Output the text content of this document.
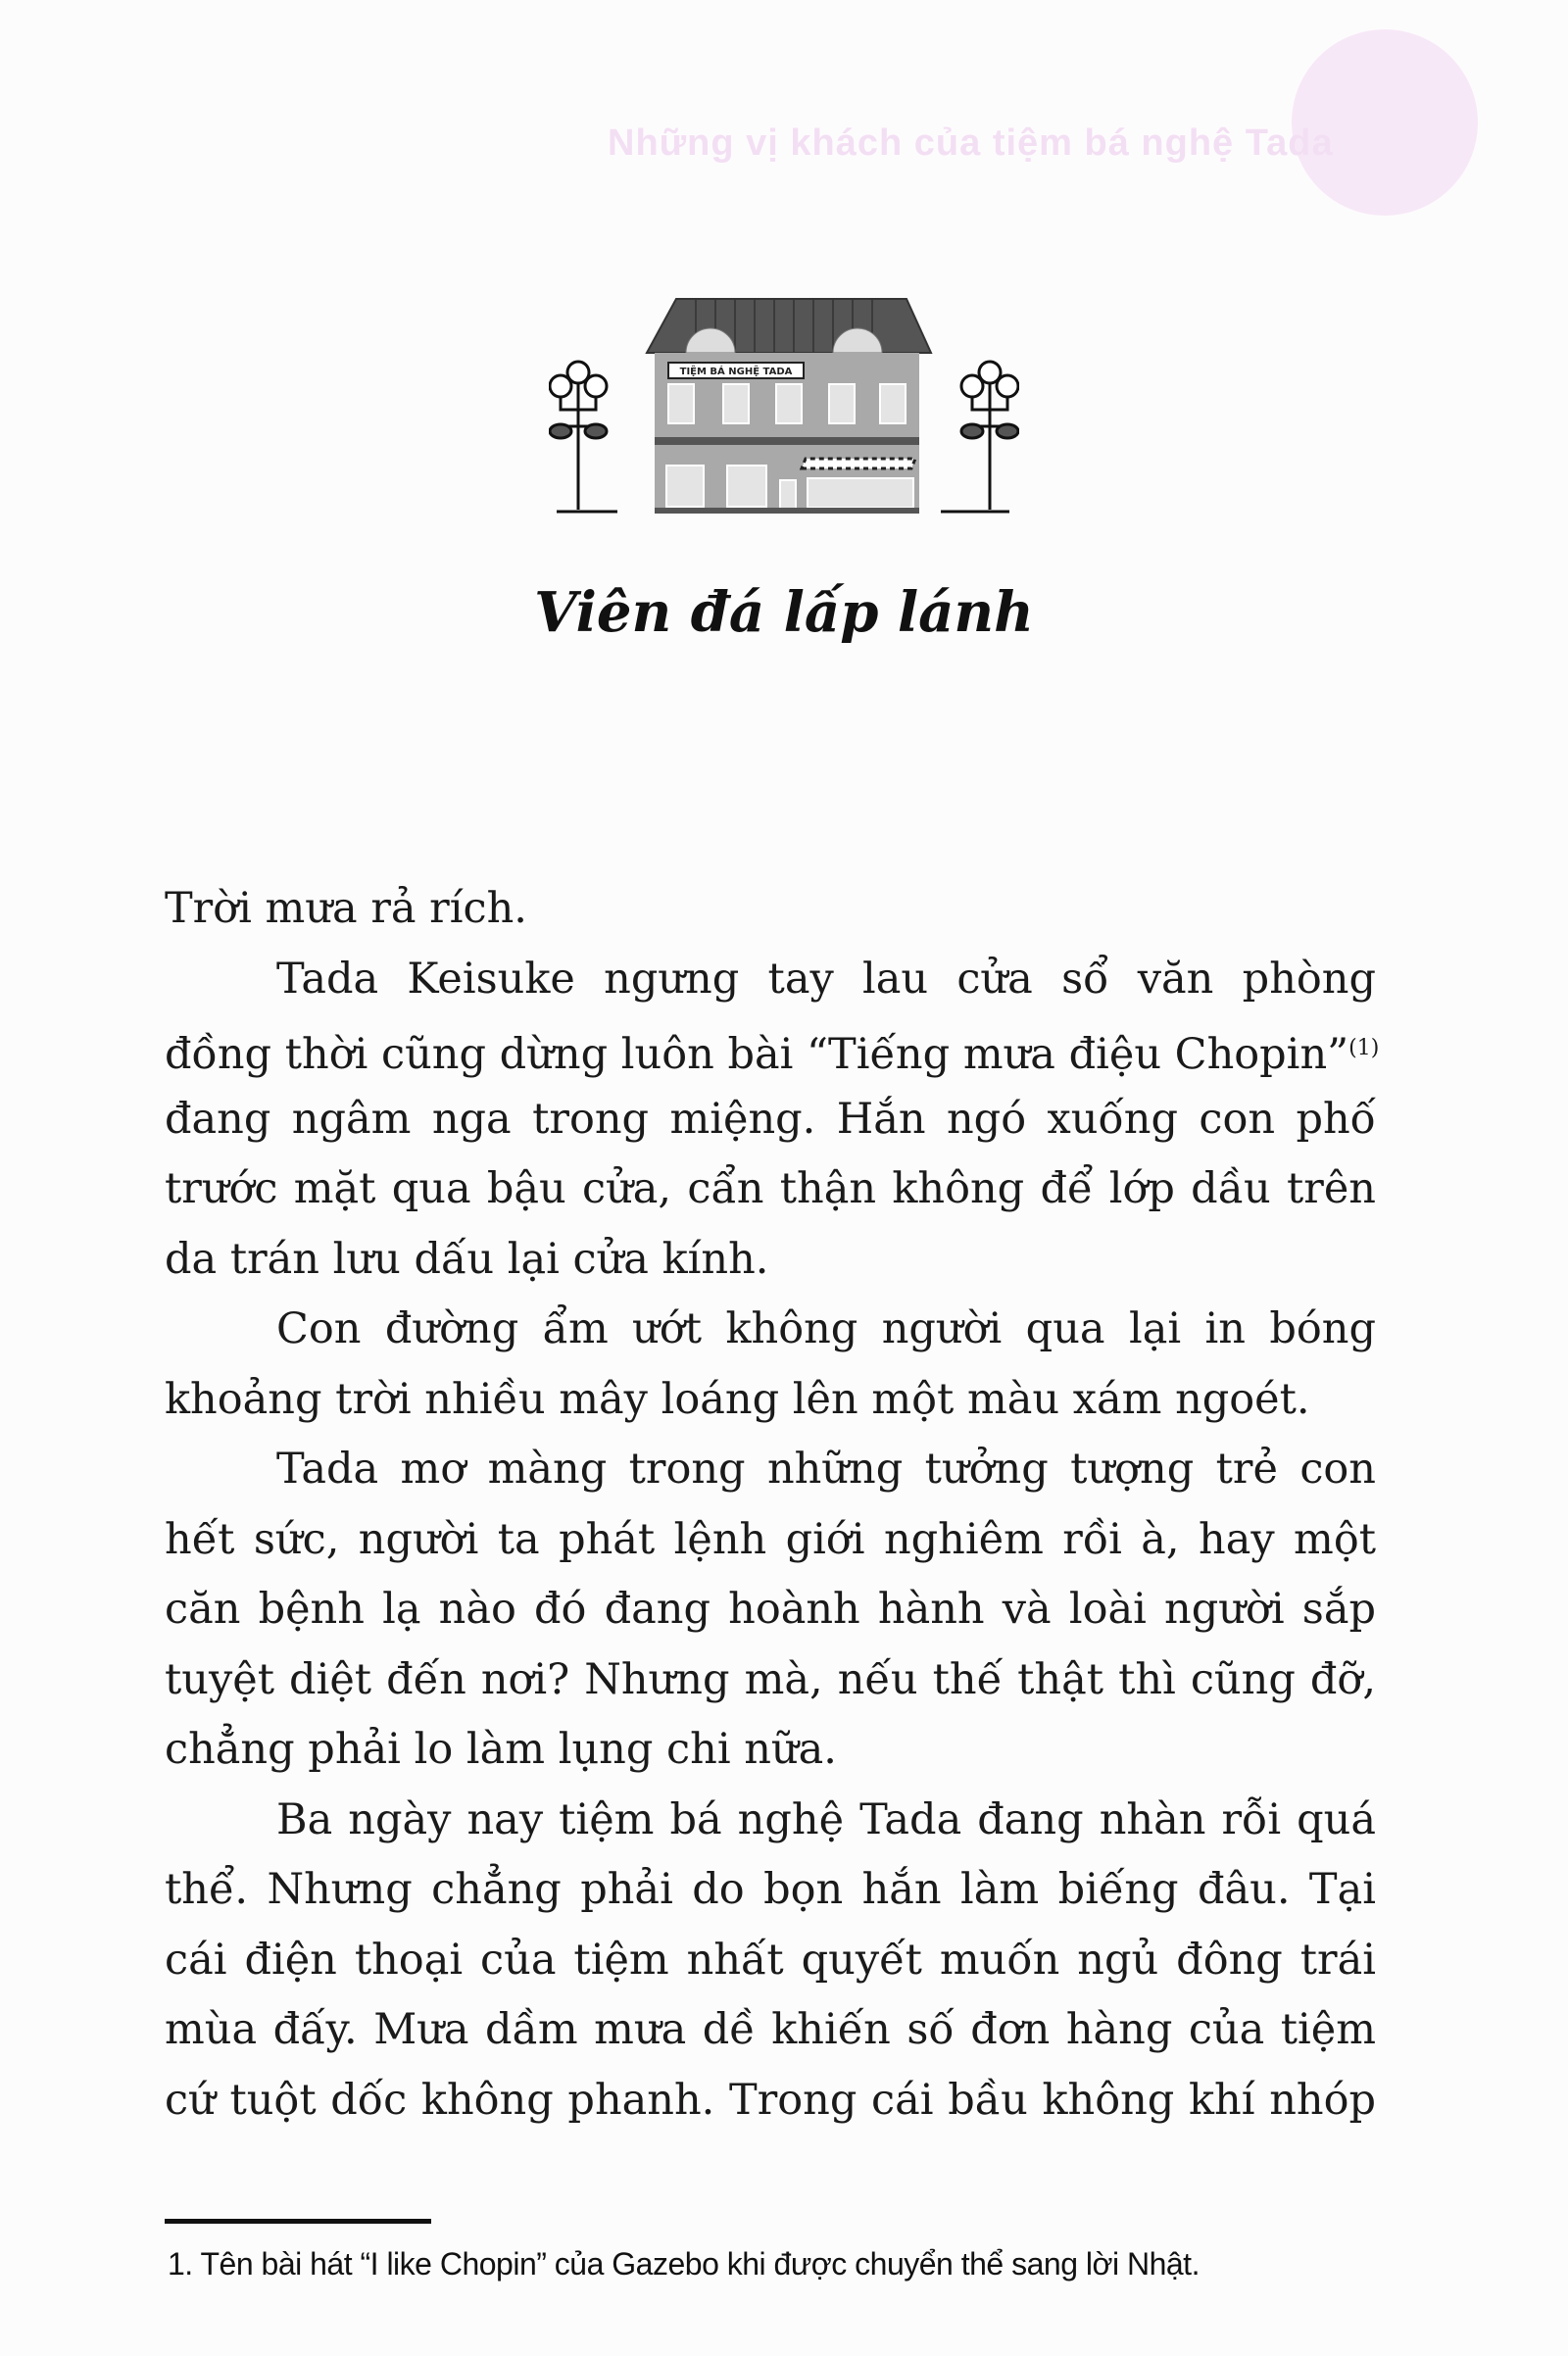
Những vị khách của tiệm bá nghệ Tada
TIỆM BÁ NGHỆ TADA
Viên đá lấp lánh
Trời mưa rả rích.
Tada Keisuke ngưng tay lau cửa sổ văn phòng
đồng thời cũng dừng luôn bài “Tiếng mưa điệu Chopin”$^{(1)}$
đang ngâm nga trong miệng. Hắn ngó xuống con phố
trước mặt qua bậu cửa, cẩn thận không để lớp dầu trên
da trán lưu dấu lại cửa kính.
Con đường ẩm ướt không người qua lại in bóng
khoảng trời nhiều mây loáng lên một màu xám ngoét.
Tada mơ màng trong những tưởng tượng trẻ con
hết sức, người ta phát lệnh giới nghiêm rồi à, hay một
căn bệnh lạ nào đó đang hoành hành và loài người sắp
tuyệt diệt đến nơi? Nhưng mà, nếu thế thật thì cũng đỡ,
chẳng phải lo làm lụng chi nữa.
Ba ngày nay tiệm bá nghệ Tada đang nhàn rỗi quá
thể. Nhưng chẳng phải do bọn hắn làm biếng đâu. Tại
cái điện thoại của tiệm nhất quyết muốn ngủ đông trái
mùa đấy. Mưa dầm mưa dề khiến số đơn hàng của tiệm
cứ tuột dốc không phanh. Trong cái bầu không khí nhóp
1. Tên bài hát “I like Chopin” của Gazebo khi được chuyển thể sang lời Nhật.
